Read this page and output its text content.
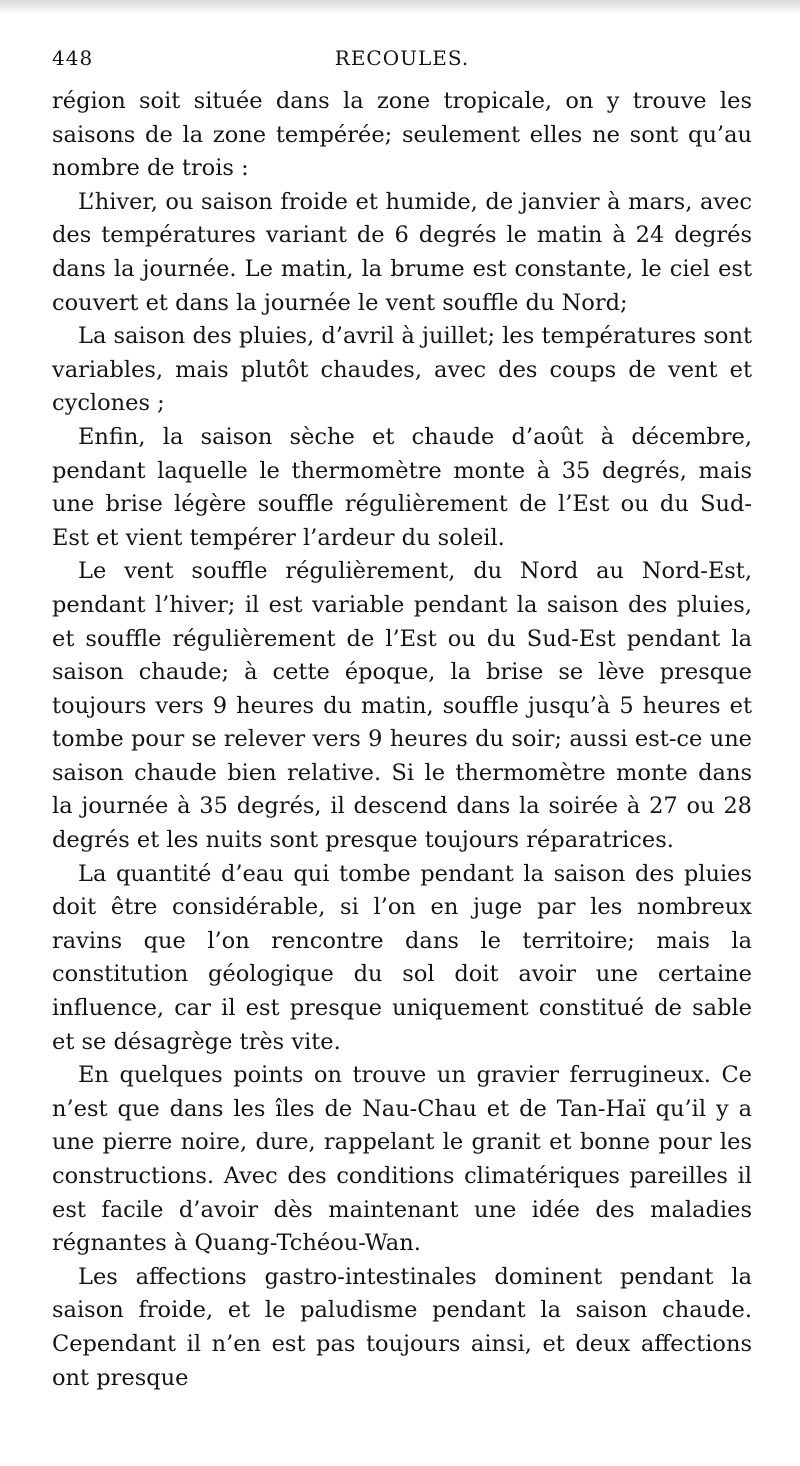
448	RECOULES.

région soit située dans la zone tropicale, on y trouve les saisons de la zone tempérée; seulement elles ne sont qu’au nombre de trois :

L’hiver, ou saison froide et humide, de janvier à mars, avec des températures variant de 6 degrés le matin à 24 degrés dans la journée. Le matin, la brume est constante, le ciel est couvert et dans la journée le vent souffle du Nord;

La saison des pluies, d’avril à juillet; les températures sont variables, mais plutôt chaudes, avec des coups de vent et cyclones ;

Enfin, la saison sèche et chaude d’août à décembre, pendant laquelle le thermomètre monte à 35 degrés, mais une brise légère souffle régulièrement de l’Est ou du Sud-Est et vient tempérer l’ardeur du soleil.

Le vent souffle régulièrement, du Nord au Nord-Est, pendant l’hiver; il est variable pendant la saison des pluies, et souffle régulièrement de l’Est ou du Sud-Est pendant la saison chaude; à cette époque, la brise se lève presque toujours vers 9 heures du matin, souffle jusqu’à 5 heures et tombe pour se relever vers 9 heures du soir; aussi est-ce une saison chaude bien relative. Si le thermomètre monte dans la journée à 35 degrés, il descend dans la soirée à 27 ou 28 degrés et les nuits sont presque toujours réparatrices.

La quantité d’eau qui tombe pendant la saison des pluies doit être considérable, si l’on en juge par les nombreux ravins que l’on rencontre dans le territoire; mais la constitution géologique du sol doit avoir une certaine influence, car il est presque uniquement constitué de sable et se désagrège très vite.

En quelques points on trouve un gravier ferrugineux. Ce n’est que dans les îles de Nau-Chau et de Tan-Haï qu’il y a une pierre noire, dure, rappelant le granit et bonne pour les constructions. Avec des conditions climatériques pareilles il est facile d’avoir dès maintenant une idée des maladies régnantes à Quang-Tchéou-Wan.

Les affections gastro-intestinales dominent pendant la saison froide, et le paludisme pendant la saison chaude. Cependant il n’en est pas toujours ainsi, et deux affections ont presque
